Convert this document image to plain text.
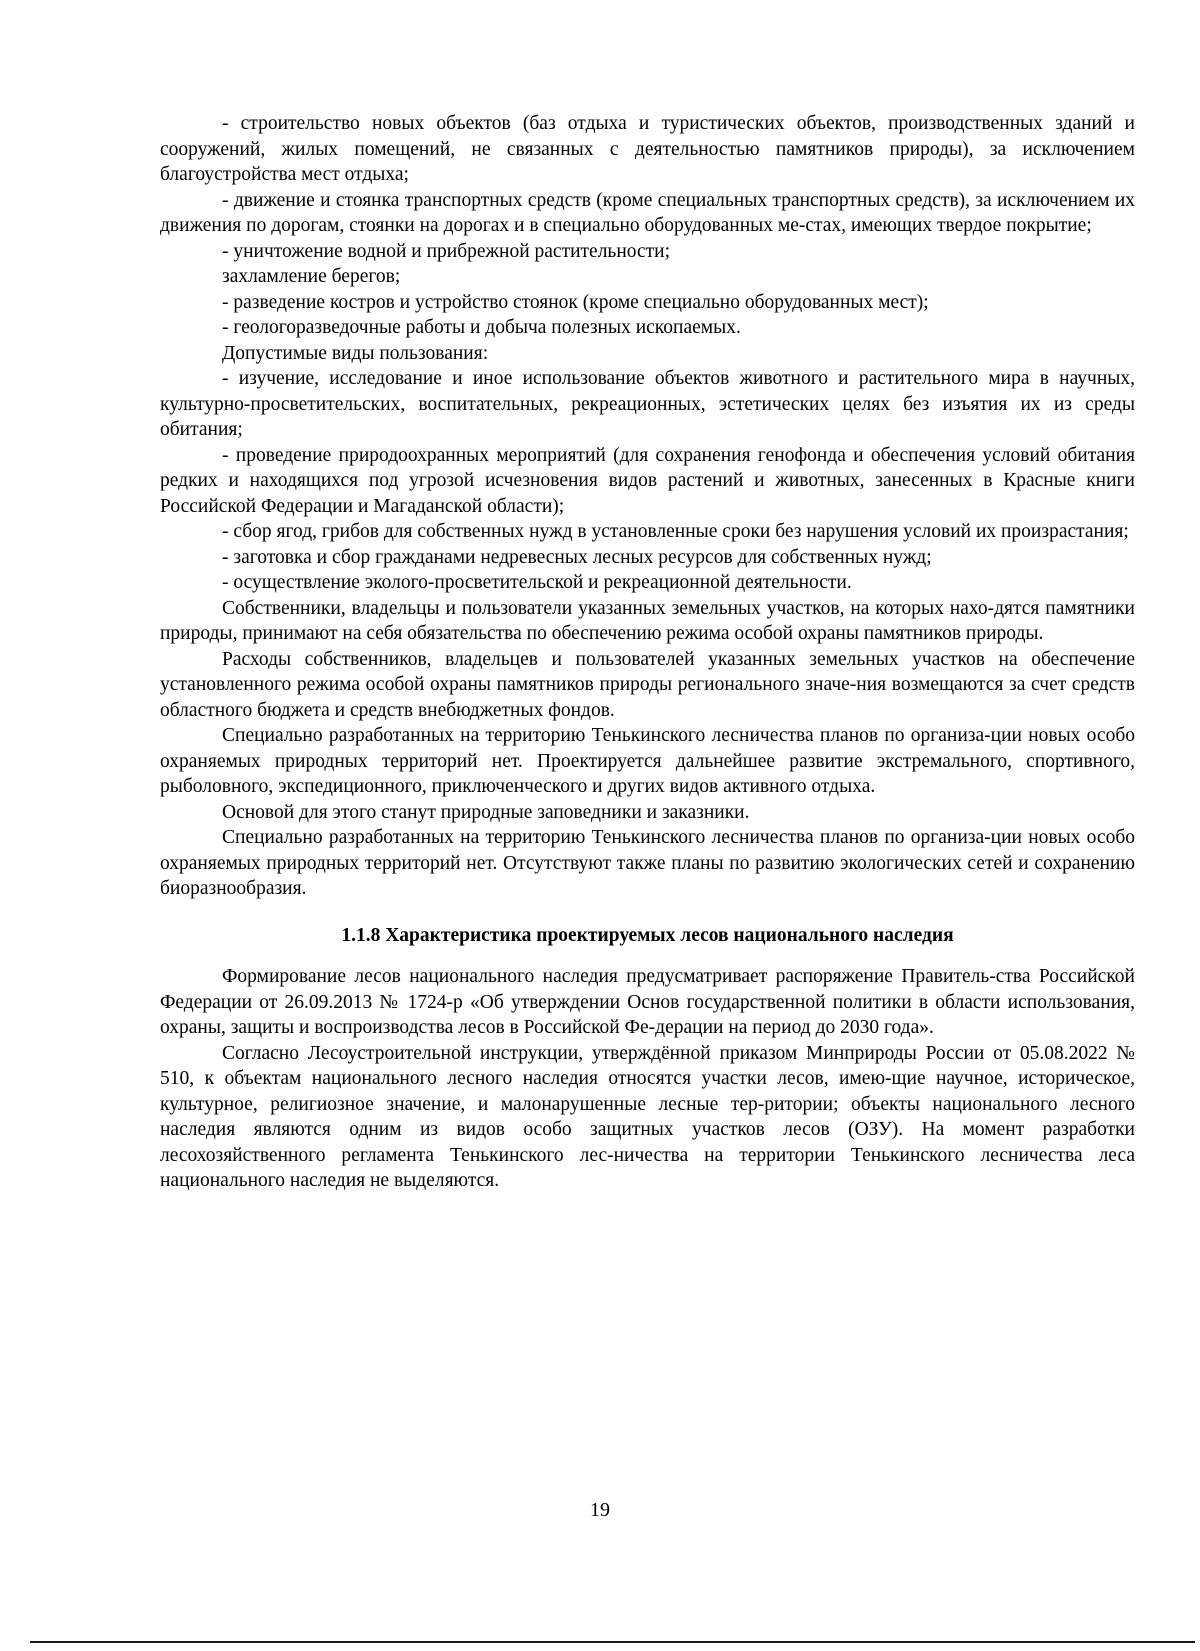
- строительство новых объектов (баз отдыха и туристических объектов, производственных зданий и сооружений, жилых помещений, не связанных с деятельностью памятников природы), за исключением благоустройства мест отдыха;

- движение и стоянка транспортных средств (кроме специальных транспортных средств), за исключением их движения по дорогам, стоянки на дорогах и в специально оборудованных ме-стах, имеющих твердое покрытие;

- уничтожение водной и прибрежной растительности;

захламление берегов;

- разведение костров и устройство стоянок (кроме специально оборудованных мест);

- геологоразведочные работы и добыча полезных ископаемых.

Допустимые виды пользования:

- изучение, исследование и иное использование объектов животного и растительного мира в научных, культурно-просветительских, воспитательных, рекреационных, эстетических целях без изъятия их из среды обитания;

- проведение природоохранных мероприятий (для сохранения генофонда и обеспечения условий обитания редких и находящихся под угрозой исчезновения видов растений и животных, занесенных в Красные книги Российской Федерации и Магаданской области);

- сбор ягод, грибов для собственных нужд в установленные сроки без нарушения условий их произрастания;

- заготовка и сбор гражданами недревесных лесных ресурсов для собственных нужд;

- осуществление эколого-просветительской и рекреационной деятельности.

Собственники, владельцы и пользователи указанных земельных участков, на которых нахо-дятся памятники природы, принимают на себя обязательства по обеспечению режима особой охраны памятников природы.

Расходы собственников, владельцев и пользователей указанных земельных участков на обеспечение установленного режима особой охраны памятников природы регионального значе-ния возмещаются за счет средств областного бюджета и средств внебюджетных фондов.

Специально разработанных на территорию Тенькинского лесничества планов по организа-ции новых особо охраняемых природных территорий нет. Проектируется дальнейшее развитие экстремального, спортивного, рыболовного, экспедиционного, приключенческого и других видов активного отдыха.

Основой для этого станут природные заповедники и заказники.

Специально разработанных на территорию Тенькинского лесничества планов по организа-ции новых особо охраняемых природных территорий нет. Отсутствуют также планы по развитию экологических сетей и сохранению биоразнообразия.

1.1.8 Характеристика проектируемых лесов национального наследия

Формирование лесов национального наследия предусматривает распоряжение Правитель-ства Российской Федерации от 26.09.2013 № 1724-р «Об утверждении Основ государственной политики в области использования, охраны, защиты и воспроизводства лесов в Российской Фе-дерации на период до 2030 года».

Согласно Лесоустроительной инструкции, утверждённой приказом Минприроды России от 05.08.2022 № 510, к объектам национального лесного наследия относятся участки лесов, имею-щие научное, историческое, культурное, религиозное значение, и малонарушенные лесные тер-ритории; объекты национального лесного наследия являются одним из видов особо защитных участков лесов (ОЗУ). На момент разработки лесохозяйственного регламента Тенькинского лес-ничества на территории Тенькинского лесничества леса национального наследия не выделяются.

19
